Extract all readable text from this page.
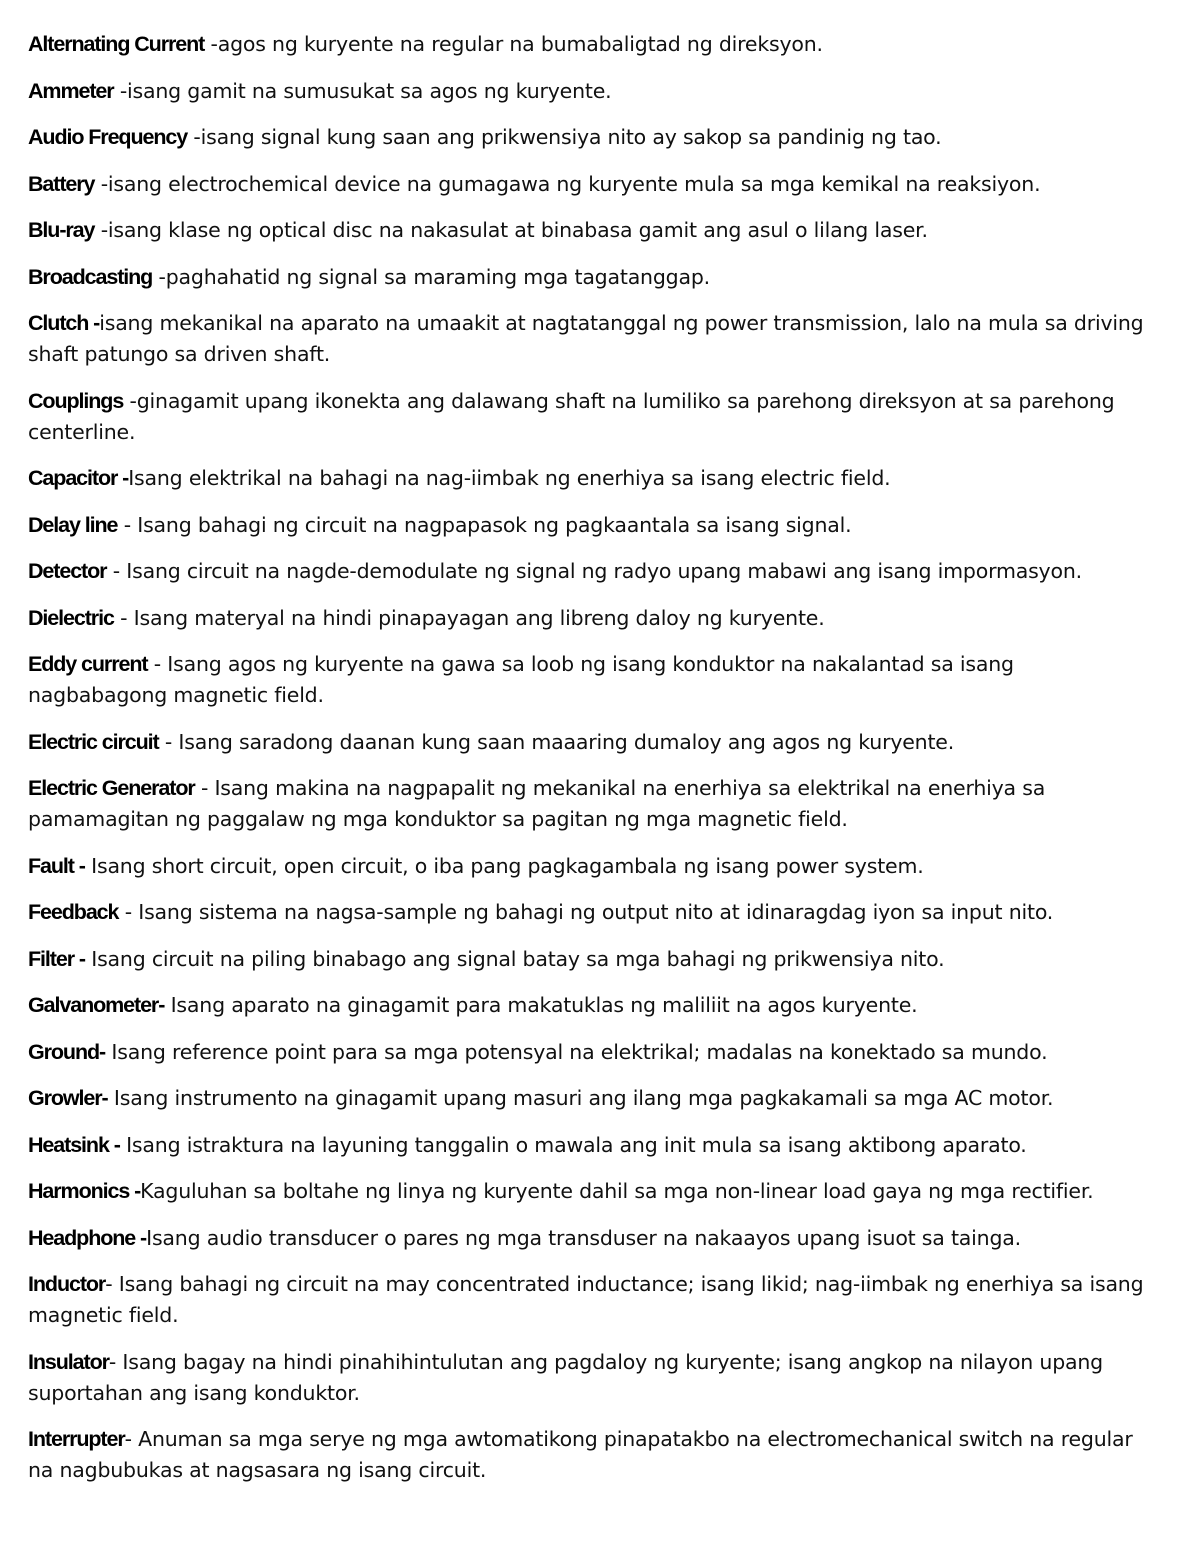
Alternating Current -agos ng kuryente na regular na bumabaligtad ng direksyon.

Ammeter -isang gamit na sumusukat sa agos ng kuryente.

Audio Frequency -isang signal kung saan ang prikwensiya nito ay sakop sa pandinig ng tao.

Battery -isang electrochemical device na gumagawa ng kuryente mula sa mga kemikal na reaksiyon.

Blu-ray -isang klase ng optical disc na nakasulat at binabasa gamit ang asul o lilang laser.

Broadcasting -paghahatid ng signal sa maraming mga tagatanggap.

Clutch -isang mekanikal na aparato na umaakit at nagtatanggal ng power transmission, lalo na mula sa driving shaft patungo sa driven shaft.

Couplings -ginagamit upang ikonekta ang dalawang shaft na lumiliko sa parehong direksyon at sa parehong centerline.

Capacitor -Isang elektrikal na bahagi na nag-iimbak ng enerhiya sa isang electric field.

Delay line - Isang bahagi ng circuit na nagpapasok ng pagkaantala sa isang signal.

Detector - Isang circuit na nagde-demodulate ng signal ng radyo upang mabawi ang isang impormasyon.

Dielectric - Isang materyal na hindi pinapayagan ang libreng daloy ng kuryente.

Eddy current - Isang agos ng kuryente na gawa sa loob ng isang konduktor na nakalantad sa isang nagbabagong magnetic field.

Electric circuit - Isang saradong daanan kung saan maaaring dumaloy ang agos ng kuryente.

Electric Generator - Isang makina na nagpapalit ng mekanikal na enerhiya sa elektrikal na enerhiya sa pamamagitan ng paggalaw ng mga konduktor sa pagitan ng mga magnetic field.

Fault - Isang short circuit, open circuit, o iba pang pagkagambala ng isang power system.

Feedback - Isang sistema na nagsa-sample ng bahagi ng output nito at idinaragdag iyon sa input nito.

Filter - Isang circuit na piling binabago ang signal batay sa mga bahagi ng prikwensiya nito.

Galvanometer- Isang aparato na ginagamit para makatuklas ng maliliit na agos kuryente.

Ground- Isang reference point para sa mga potensyal na elektrikal; madalas na konektado sa mundo.

Growler- Isang instrumento na ginagamit upang masuri ang ilang mga pagkakamali sa mga AC motor.

Heatsink - Isang istraktura na layuning tanggalin o mawala ang init mula sa isang aktibong aparato.

Harmonics -Kaguluhan sa boltahe ng linya ng kuryente dahil sa mga non-linear load gaya ng mga rectifier.

Headphone -Isang audio transducer o pares ng mga transduser na nakaayos upang isuot sa tainga.

Inductor- Isang bahagi ng circuit na may concentrated inductance; isang likid; nag-iimbak ng enerhiya sa isang magnetic field.

Insulator- Isang bagay na hindi pinahihintulutan ang pagdaloy ng kuryente; isang angkop na nilayon upang suportahan ang isang konduktor.

Interrupter- Anuman sa mga serye ng mga awtomatikong pinapatakbo na electromechanical switch na regular na nagbubukas at nagsasara ng isang circuit.
